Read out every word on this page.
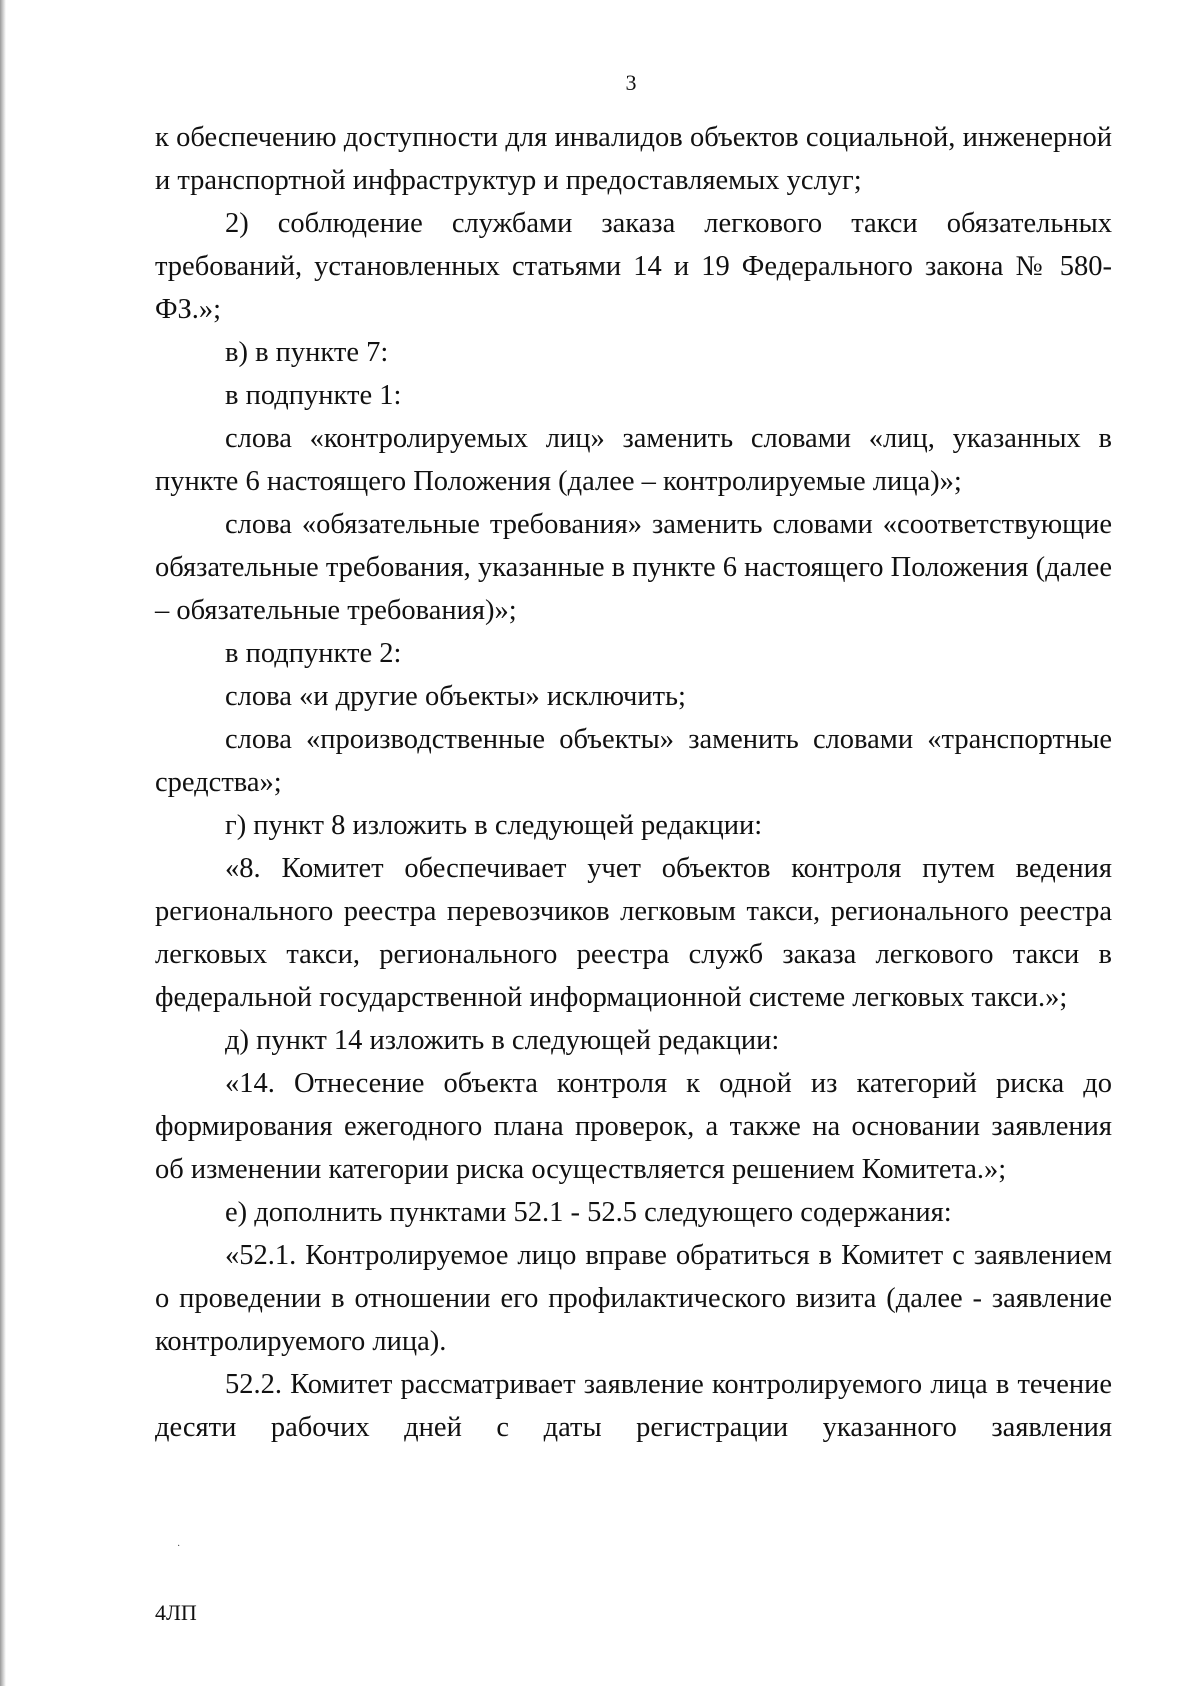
3

к обеспечению доступности для инвалидов объектов социальной, инженерной и транспортной инфраструктур и предоставляемых услуг;

2) соблюдение службами заказа легкового такси обязательных требований, установленных статьями 14 и 19 Федерального закона № 580-ФЗ.»;

в) в пункте 7:

в подпункте 1:

слова «контролируемых лиц» заменить словами «лиц, указанных в пункте 6 настоящего Положения (далее – контролируемые лица)»;

слова «обязательные требования» заменить словами «соответствующие обязательные требования, указанные в пункте 6 настоящего Положения (далее – обязательные требования)»;

в подпункте 2:

слова «и другие объекты» исключить;

слова «производственные объекты» заменить словами «транспортные средства»;

г) пункт 8 изложить в следующей редакции:

«8. Комитет обеспечивает учет объектов контроля путем ведения регионального реестра перевозчиков легковым такси, регионального реестра легковых такси, регионального реестра служб заказа легкового такси в федеральной государственной информационной системе легковых такси.»;

д) пункт 14 изложить в следующей редакции:

«14. Отнесение объекта контроля к одной из категорий риска до формирования ежегодного плана проверок, а также на основании заявления об изменении категории риска осуществляется решением Комитета.»;

е) дополнить пунктами 52.1 - 52.5 следующего содержания:

«52.1. Контролируемое лицо вправе обратиться в Комитет с заявлением о проведении в отношении его профилактического визита (далее - заявление контролируемого лица).

52.2. Комитет рассматривает заявление контролируемого лица в течение десяти рабочих дней с даты регистрации указанного заявления

·
4ЛП
